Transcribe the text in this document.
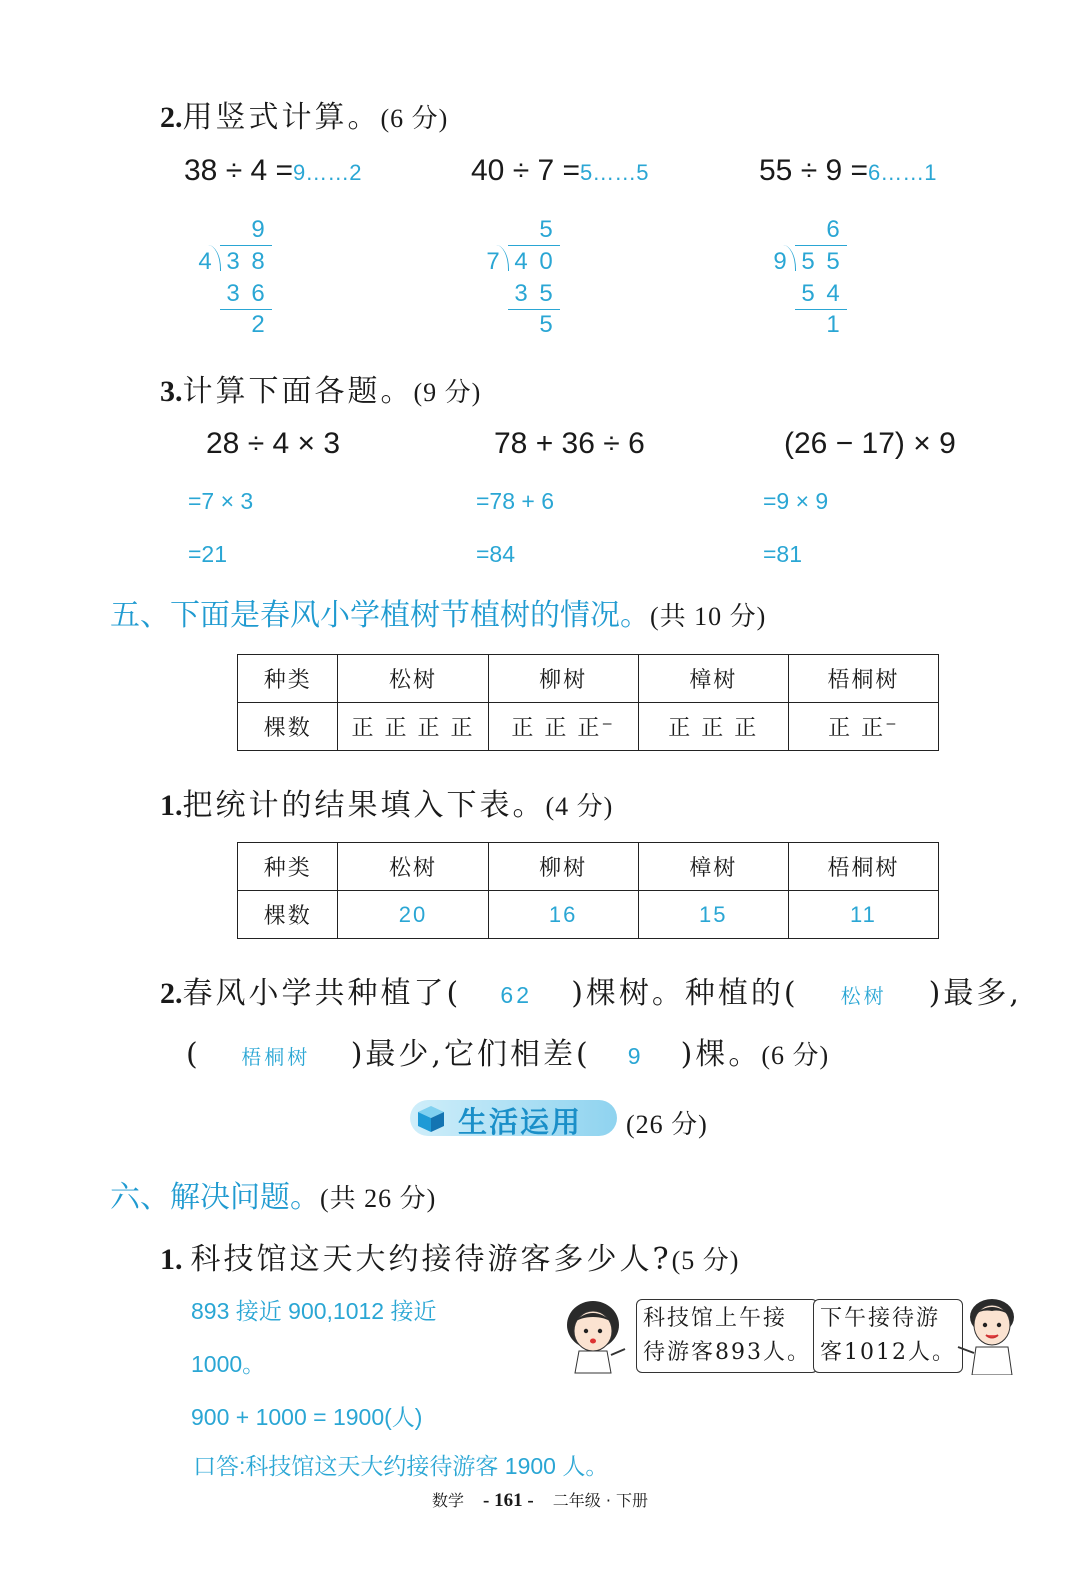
2.用竖式计算。(6 分)
38 ÷ 4 =9……2	40 ÷ 7 =5……5	55 ÷ 9 =6……1
9
4 3 8
3 6
2
5
7 4 0
3 5
5
6
9 5 5
5 4
1
3.计算下面各题。(9 分)
28 ÷ 4 × 3	78 + 36 ÷ 6	(26 − 17) × 9
=7 × 3	=78 + 6	=9 × 9
=21	=84	=81
五、下面是春风小学植树节植树的情况。(共 10 分)
种类	松树	柳树	樟树	梧桐树
棵数	正 正 正 正	正 正 正⁻	正 正 正	正 正⁻
1.把统计的结果填入下表。(4 分)
种类	松树	柳树	樟树	梧桐树
棵数	20	16	15	11
2.春风小学共种植了( 62 )棵树。种植的( 松树 )最多,
( 梧桐树 )最少,它们相差( 9 )棵。(6 分)
生活运用 (26 分)
六、解决问题。(共 26 分)
1. 科技馆这天大约接待游客多少人?(5 分)
893 接近 900,1012 接近
1000。
900 + 1000 = 1900(人)
口答:科技馆这天大约接待游客 1900 人。
科技馆上午接
待游客893人。
下午接待游
客1012人。
数学 - 161 - 二年级 · 下册
